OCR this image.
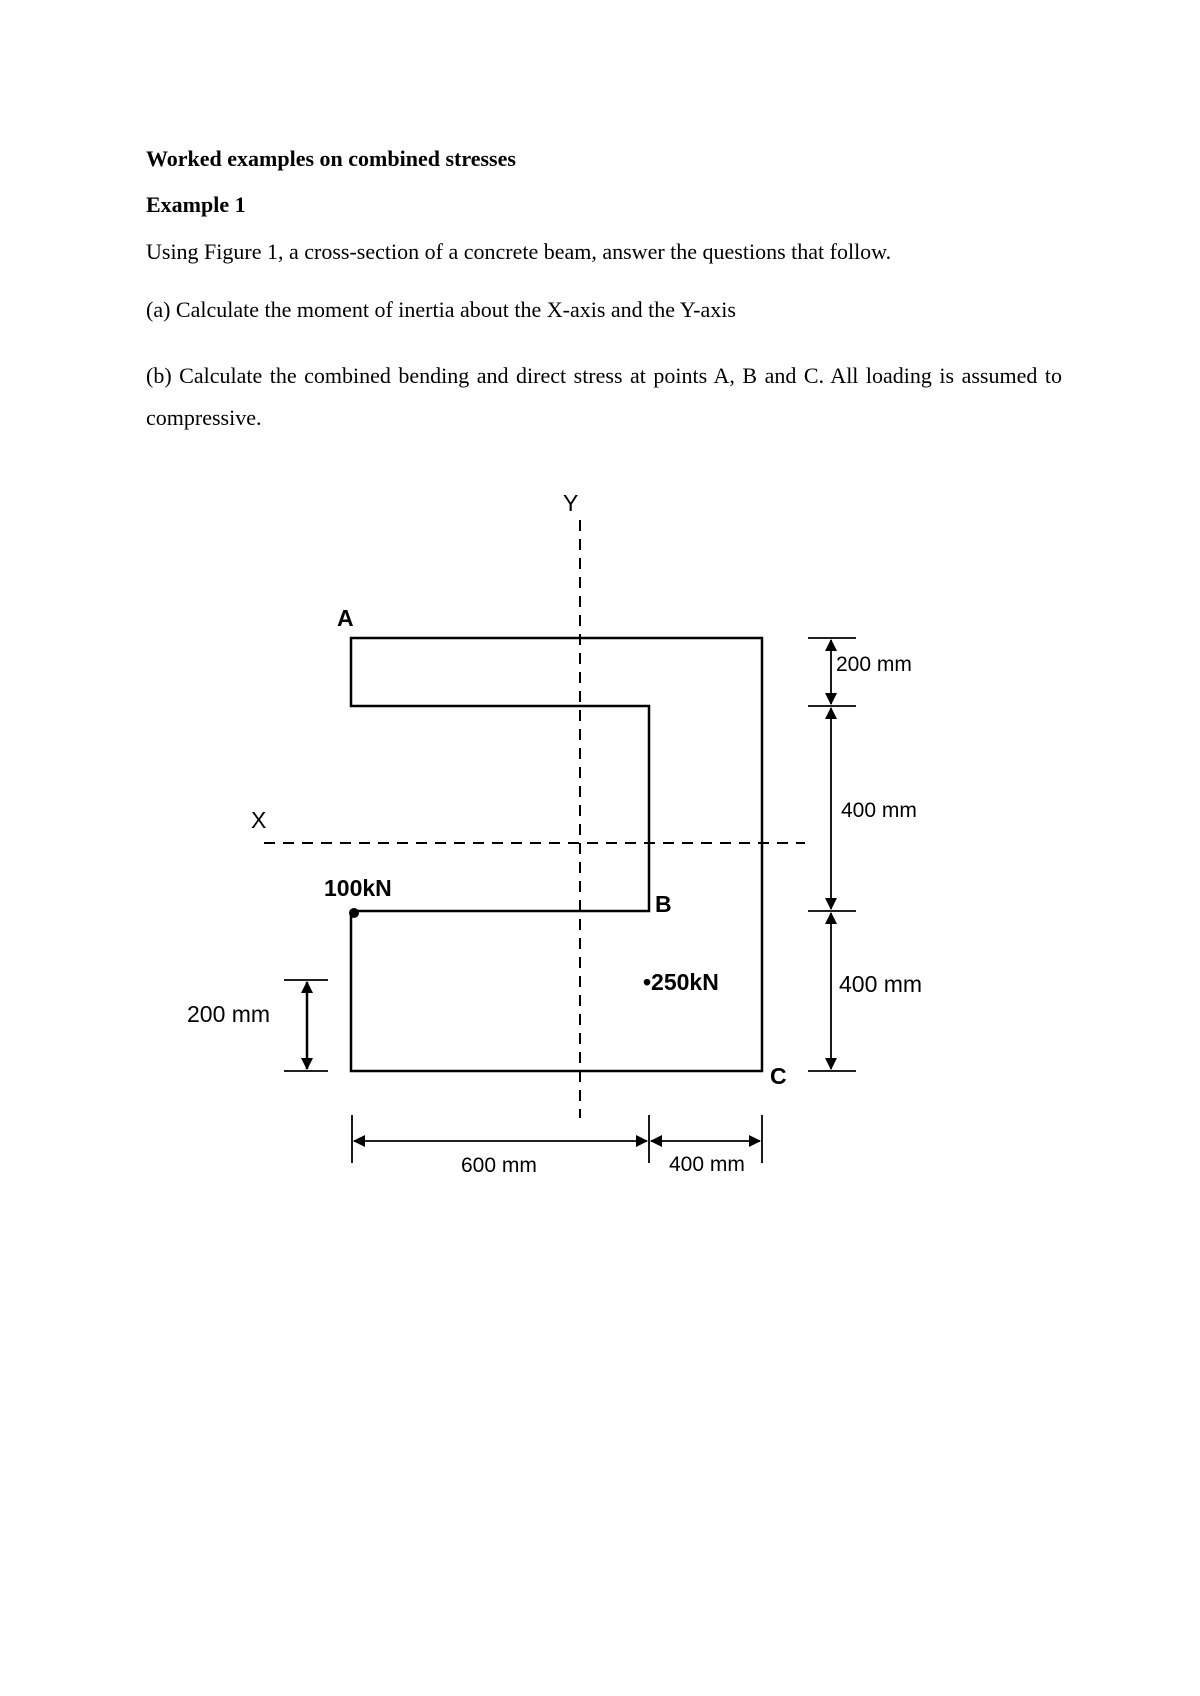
Worked examples on combined stresses
Example 1
Using Figure 1, a cross-section of a concrete beam, answer the questions that follow.
(a) Calculate the moment of inertia about the X-axis and the Y-axis
(b) Calculate the combined bending and direct stress at points A, B and C. All loading is assumed to compressive.
Y
X
A
B
C
100kN
•250kN
200 mm
400 mm
400 mm
200 mm
600 mm	400 mm
